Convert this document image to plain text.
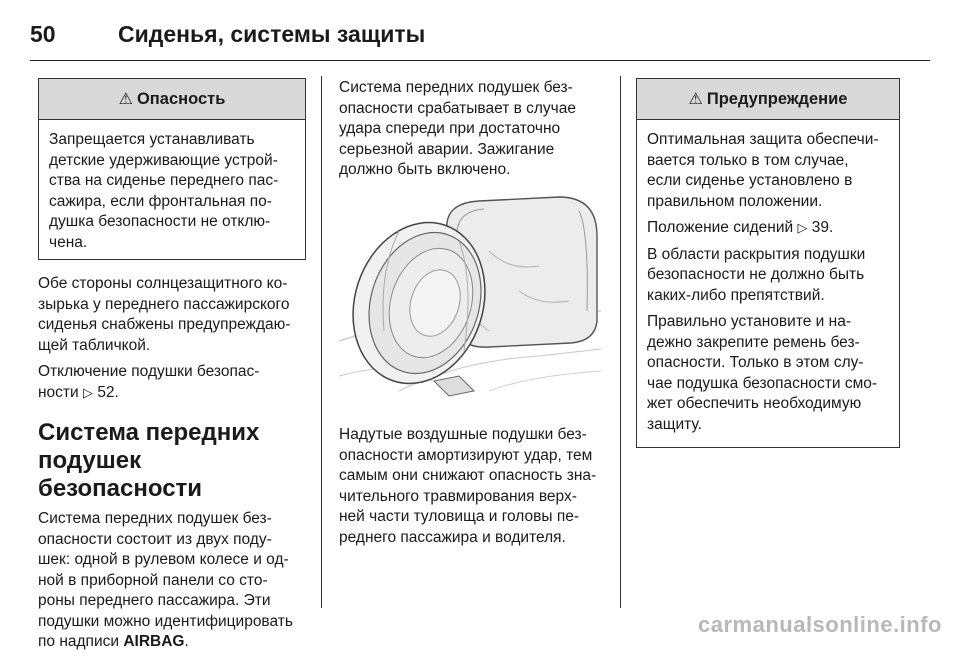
50	Сиденья, системы защиты
⚠ Опасность
Запрещается устанавливать
детские удерживающие устрой-
ства на сиденье переднего пас-
сажира, если фронтальная по-
душка безопасности не отклю-
чена.

Обе стороны солнцезащитного ко-
зырька у переднего пассажирского
сиденья снабжены предупреждаю-
щей табличкой.

Отключение подушки безопас-
ности ▷ 52.

Система передних
подушек безопасности

Система передних подушек без-
опасности состоит из двух поду-
шек: одной в рулевом колесе и од-
ной в приборной панели со сто-
роны переднего пассажира. Эти
подушки можно идентифицировать
по надписи AIRBAG.

Система передних подушек без-
опасности срабатывает в случае
удара спереди при достаточно
серьезной аварии. Зажигание
должно быть включено.

Надутые воздушные подушки без-
опасности амортизируют удар, тем
самым они снижают опасность зна-
чительного травмирования верх-
ней части туловища и головы пе-
реднего пассажира и водителя.

⚠ Предупреждение

Оптимальная защита обеспечи-
вается только в том случае,
если сиденье установлено в
правильном положении.

Положение сидений ▷ 39.

В области раскрытия подушки
безопасности не должно быть
каких-либо препятствий.

Правильно установите и на-
дежно закрепите ремень без-
опасности. Только в этом слу-
чае подушка безопасности смо-
жет обеспечить необходимую
защиту.

carmanualsonline.info
